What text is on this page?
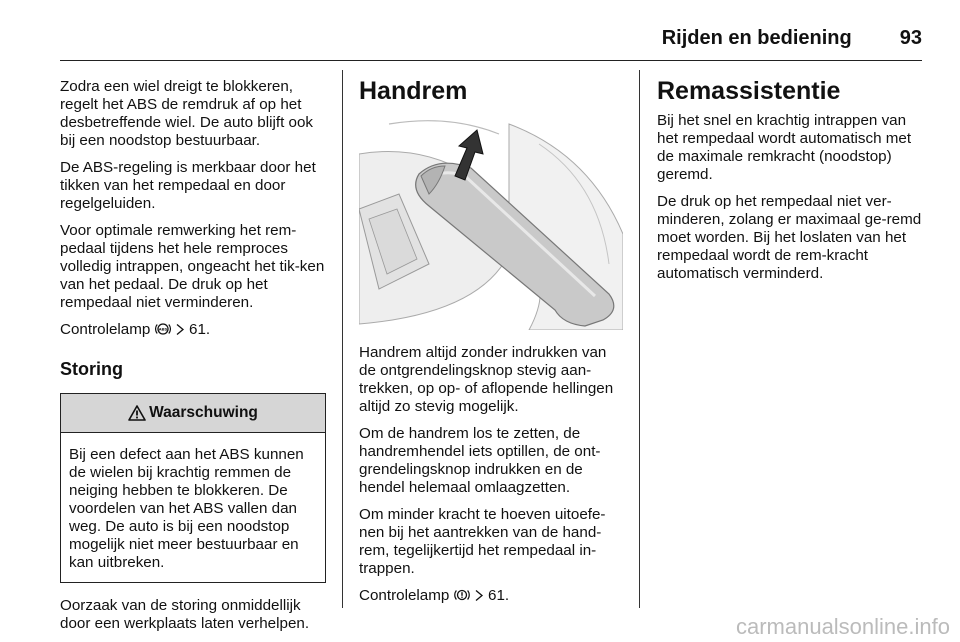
Rijden en bediening 93

Zodra een wiel dreigt te blokkeren, regelt het ABS de remdruk af op het desbetreffende wiel. De auto blijft ook bij een noodstop bestuurbaar.

De ABS-regeling is merkbaar door het tikken van het rempedaal en door regelgeluiden.

Voor optimale remwerking het rem-pedaal tijdens het hele remproces volledig intrappen, ongeacht het tik-ken van het pedaal. De druk op het rempedaal niet verminderen.

Controlelamp ABS 61.

Storing
Waarschuwing
Bij een defect aan het ABS kunnen de wielen bij krachtig remmen de neiging hebben te blokkeren. De voordelen van het ABS vallen dan weg. De auto is bij een noodstop mogelijk niet meer bestuurbaar en kan uitbreken.

Oorzaak van de storing onmiddellijk door een werkplaats laten verhelpen.

Handrem

Handrem altijd zonder indrukken van de ontgrendelingsknop stevig aan-trekken, op op- of aflopende hellingen altijd zo stevig mogelijk.

Om de handrem los te zetten, de handremhendel iets optillen, de ont-grendelingsknop indrukken en de hendel helemaal omlaagzetten.

Om minder kracht te hoeven uitoefe-nen bij het aantrekken van de hand-rem, tegelijkertijd het rempedaal in-trappen.

Controlelamp	61.

Remassistentie

Bij het snel en krachtig intrappen van het rempedaal wordt automatisch met de maximale remkracht (noodstop) geremd.

De druk op het rempedaal niet ver-minderen, zolang er maximaal ge-remd moet worden. Bij het loslaten van het rempedaal wordt de rem-kracht automatisch verminderd.

carmanualsonline.info
